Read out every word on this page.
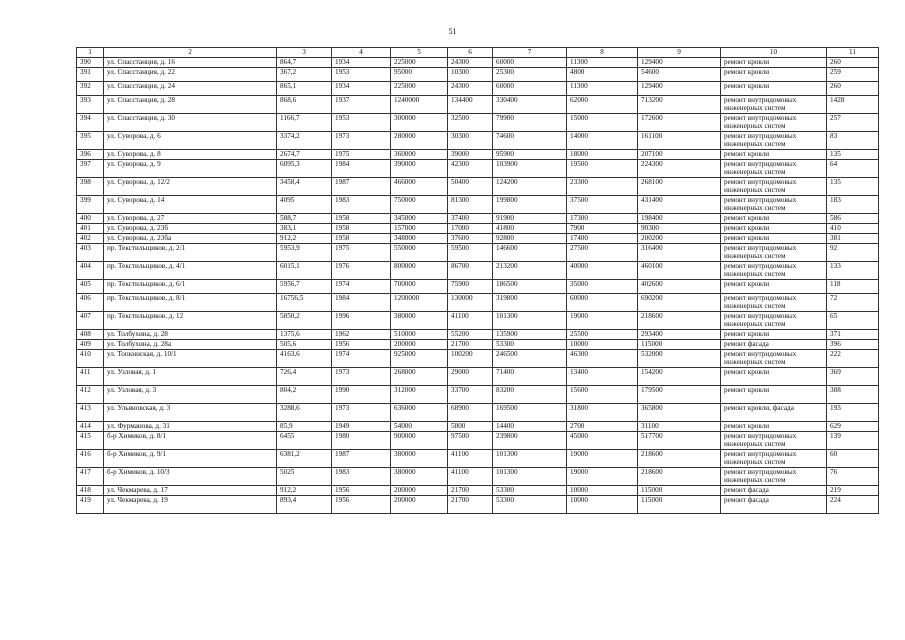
51
1	2	3	4	5	6	7	8	9	10	11
390	ул. Спасстанция, д. 16	864,7	1934	225000	24300	60000	11300	129400	ремонт кровли	260
391	ул. Спасстанция, д. 22	367,2	1953	95000	10300	25300	4800	54600	ремонт кровли	259
392	ул. Спасстанция, д. 24	865,1	1934	225000	24300	60000	11300	129400	ремонт кровли	260
393	ул. Спасстанция, д. 28	868,6	1937	1240000	134400	330400	62000	713200	ремонт внутридомовых инженерных систем	1428
394	ул. Спасстанция, д. 30	1166,7	1953	300000	32500	79900	15000	172600	ремонт внутридомовых инженерных систем	257
395	ул. Суворова, д. 6	3374,2	1973	280000	30300	74600	14000	161100	ремонт внутридомовых инженерных систем	83
396	ул. Суворова, д. 8	2674,7	1975	360000	39000	95900	18000	207100	ремонт кровли	135
397	ул. Суворова, д. 9	6095,3	1984	390000	42300	103900	19500	224300	ремонт внутридомовых инженерных систем	64
398	ул. Суворова, д. 12/2	3458,4	1987	466000	50400	124200	23300	268100	ремонт внутридомовых инженерных систем	135
399	ул. Суворова, д. 14	4095	1983	750000	81300	199800	37500	431400	ремонт внутридомовых инженерных систем	183
400	ул. Суворова, д. 27	588,7	1958	345000	37400	91900	17300	198400	ремонт кровли	586
401	ул. Суворова, д. 23б	383,1	1958	157000	17000	41800	7900	90300	ремонт кровли	410
402	ул. Суворова, д. 23ба	912,2	1958	348000	37600	92800	17400	200200	ремонт кровли	381
403	пр. Текстильщиков, д. 2/1	5953,9	1975	550000	59500	146600	27500	316400	ремонт внутридомовых инженерных систем	92
404	пр. Текстильщиков, д. 4/1	6015,1	1976	800000	86700	213200	40000	460100	ремонт внутридомовых инженерных систем	133
405	пр. Текстильщиков, д. 6/1	5956,7	1974	700000	75900	186500	35000	402600	ремонт кровли	118
406	пр. Текстильщиков, д. 8/1	16756,5	1984	1200000	130000	319800	60000	690200	ремонт внутридомовых инженерных систем	72
407	пр. Текстильщиков, д. 12	5850,2	1996	380000	41100	101300	19000	218600	ремонт внутридомовых инженерных систем	65
408	ул. Толбухина, д. 28	1375,6	1962	510000	55200	135900	25500	293400	ремонт кровли	371
409	ул. Толбухина, д. 28а	505,6	1956	200000	21700	53300	10000	115000	ремонт фасада	396
410	ул. Топкинская, д. 10/1	4163,6	1974	925000	100200	246500	46300	532000	ремонт внутридомовых инженерных систем	222
411	ул. Узловая, д. 1	726,4	1973	268000	29000	71400	13400	154200	ремонт кровли	369
412	ул. Узловая, д. 3	804,2	1990	312000	33700	83200	15600	179500	ремонт кровли	388
413	ул. Ульяновская, д. 3	3288,6	1973	636000	68900	169500	31800	365800	ремонт кровли, фасада	193
414	ул. Фурманова, д. 31	85,9	1949	54000	5800	14400	2700	31100	ремонт кровли	629
415	б-р Химиков, д. 8/1	6455	1980	900000	97500	239800	45000	517700	ремонт внутридомовых инженерных систем	139
416	б-р Химиков, д. 9/1	6381,2	1987	380000	41100	101300	19000	218600	ремонт внутридомовых инженерных систем	60
417	б-р Химиков, д. 10/3	5025	1983	380000	41100	101300	19000	218600	ремонт внутридомовых инженерных систем	76
418	ул. Чекмарева, д. 17	912,2	1956	200000	21700	53300	10000	115000	ремонт фасада	219
419	ул. Чекмарева, д. 19	893,4	1956	200000	21700	53300	10000	115000	ремонт фасада	224
